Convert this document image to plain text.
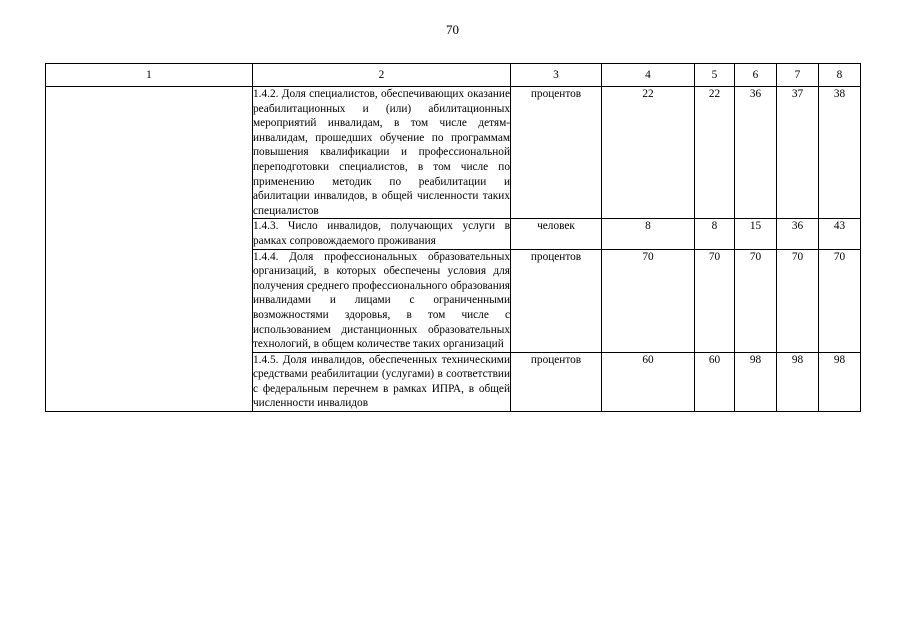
70
1	2	3	4	5	6	7	8
	1.4.2. Доля специалистов, обеспечивающих оказание реабилитационных и (или) абилитационных мероприятий инвалидам, в том числе детям-инвалидам, прошедших обучение по программам повышения квалификации и профессиональной переподготовки специалистов, в том числе по применению методик по реабилитации и абилитации инвалидов, в общей численности таких специалистов	процентов	22	22	36	37	38
	1.4.3. Число инвалидов, получающих услуги в рамках сопровождаемого проживания	человек	8	8	15	36	43
	1.4.4. Доля профессиональных образовательных организаций, в которых обеспечены условия для получения среднего профессионального образования инвалидами и лицами с ограниченными возможностями здоровья, в том числе с использованием дистанционных образовательных технологий, в общем количестве таких организаций	процентов	70	70	70	70	70
	1.4.5. Доля инвалидов, обеспеченных техническими средствами реабилитации (услугами) в соответствии с федеральным перечнем в рамках ИПРА, в общей численности инвалидов	процентов	60	60	98	98	98
